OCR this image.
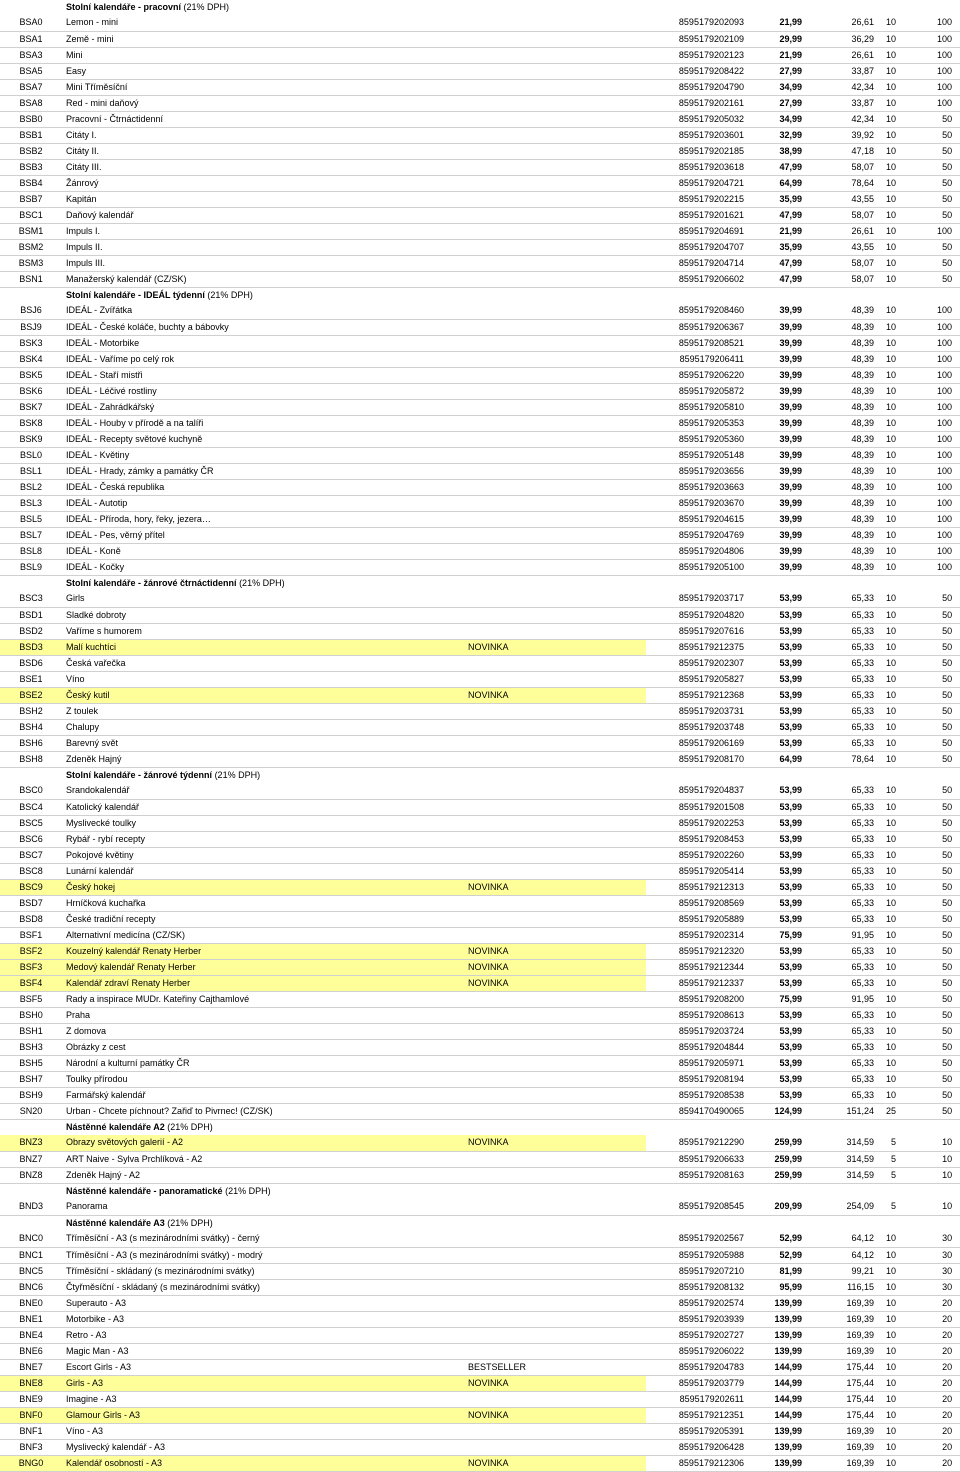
	Stolní kalendáře - pracovní (21% DPH)						
BSA0	Lemon - mini		8595179202093	21,99	26,61	10	100
BSA1	Země - mini		8595179202109	29,99	36,29	10	100
BSA3	Mini		8595179202123	21,99	26,61	10	100
BSA5	Easy		8595179208422	27,99	33,87	10	100
BSA7	Mini Tříměsíční		8595179204790	34,99	42,34	10	100
BSA8	Red - mini daňový		8595179202161	27,99	33,87	10	100
BSB0	Pracovní - Čtrnáctidenní		8595179205032	34,99	42,34	10	50
BSB1	Citáty I.		8595179203601	32,99	39,92	10	50
BSB2	Citáty II.		8595179202185	38,99	47,18	10	50
BSB3	Citáty III.		8595179203618	47,99	58,07	10	50
BSB4	Žánrový		8595179204721	64,99	78,64	10	50
BSB7	Kapitán		8595179202215	35,99	43,55	10	50
BSC1	Daňový kalendář		8595179201621	47,99	58,07	10	50
BSM1	Impuls I.		8595179204691	21,99	26,61	10	100
BSM2	Impuls II.		8595179204707	35,99	43,55	10	50
BSM3	Impuls III.		8595179204714	47,99	58,07	10	50
BSN1	Manažerský kalendář (CZ/SK)		8595179206602	47,99	58,07	10	50
	Stolní kalendáře - IDEÁL týdenní (21% DPH)						
BSJ6	IDEÁL - Zvířátka		8595179208460	39,99	48,39	10	100
BSJ9	IDEÁL - České koláče, buchty a bábovky		8595179206367	39,99	48,39	10	100
BSK3	IDEÁL - Motorbike		8595179208521	39,99	48,39	10	100
BSK4	IDEÁL - Vaříme po celý rok		8595179206411	39,99	48,39	10	100
BSK5	IDEÁL - Staří mistři		8595179206220	39,99	48,39	10	100
BSK6	IDEÁL - Léčivé rostliny		8595179205872	39,99	48,39	10	100
BSK7	IDEÁL - Zahrádkářský		8595179205810	39,99	48,39	10	100
BSK8	IDEÁL - Houby v přírodě a na talíři		8595179205353	39,99	48,39	10	100
BSK9	IDEÁL - Recepty světové kuchyně		8595179205360	39,99	48,39	10	100
BSL0	IDEÁL - Květiny		8595179205148	39,99	48,39	10	100
BSL1	IDEÁL - Hrady, zámky a památky ČR		8595179203656	39,99	48,39	10	100
BSL2	IDEÁL - Česká republika		8595179203663	39,99	48,39	10	100
BSL3	IDEÁL - Autotip		8595179203670	39,99	48,39	10	100
BSL5	IDEÁL - Příroda, hory, řeky, jezera…		8595179204615	39,99	48,39	10	100
BSL7	IDEÁL - Pes, věrný přítel		8595179204769	39,99	48,39	10	100
BSL8	IDEÁL - Koně		8595179204806	39,99	48,39	10	100
BSL9	IDEÁL - Kočky		8595179205100	39,99	48,39	10	100
	Stolní kalendáře - žánrové čtrnáctidenní (21% DPH)						
BSC3	Girls		8595179203717	53,99	65,33	10	50
BSD1	Sladké dobroty		8595179204820	53,99	65,33	10	50
BSD2	Vaříme s humorem		8595179207616	53,99	65,33	10	50
BSD3	Malí kuchtíci	NOVINKA	8595179212375	53,99	65,33	10	50
BSD6	Česká vařečka		8595179202307	53,99	65,33	10	50
BSE1	Víno		8595179205827	53,99	65,33	10	50
BSE2	Český kutil	NOVINKA	8595179212368	53,99	65,33	10	50
BSH2	Z toulek		8595179203731	53,99	65,33	10	50
BSH4	Chalupy		8595179203748	53,99	65,33	10	50
BSH6	Barevný svět		8595179206169	53,99	65,33	10	50
BSH8	Zdeněk Hajný		8595179208170	64,99	78,64	10	50
	Stolní kalendáře - žánrové týdenní (21% DPH)						
BSC0	Srandokalendář		8595179204837	53,99	65,33	10	50
BSC4	Katolický kalendář		8595179201508	53,99	65,33	10	50
BSC5	Myslivecké toulky		8595179202253	53,99	65,33	10	50
BSC6	Rybář - rybí recepty		8595179208453	53,99	65,33	10	50
BSC7	Pokojové květiny		8595179202260	53,99	65,33	10	50
BSC8	Lunární kalendář		8595179205414	53,99	65,33	10	50
BSC9	Český hokej	NOVINKA	8595179212313	53,99	65,33	10	50
BSD7	Hrníčková kuchařka		8595179208569	53,99	65,33	10	50
BSD8	České tradiční recepty		8595179205889	53,99	65,33	10	50
BSF1	Alternativní medicína (CZ/SK)		8595179202314	75,99	91,95	10	50
BSF2	Kouzelný kalendář Renaty Herber	NOVINKA	8595179212320	53,99	65,33	10	50
BSF3	Medový kalendář Renaty Herber	NOVINKA	8595179212344	53,99	65,33	10	50
BSF4	Kalendář zdraví Renaty Herber	NOVINKA	8595179212337	53,99	65,33	10	50
BSF5	Rady a inspirace MUDr. Kateřiny Cajthamlové		8595179208200	75,99	91,95	10	50
BSH0	Praha		8595179208613	53,99	65,33	10	50
BSH1	Z domova		8595179203724	53,99	65,33	10	50
BSH3	Obrázky z cest		8595179204844	53,99	65,33	10	50
BSH5	Národní a kulturní památky ČR		8595179205971	53,99	65,33	10	50
BSH7	Toulky přírodou		8595179208194	53,99	65,33	10	50
BSH9	Farmářský kalendář		8595179208538	53,99	65,33	10	50
SN20	Urban - Chcete píchnout? Zařiď to Pivrnec! (CZ/SK)		8594170490065	124,99	151,24	25	50
	Nástěnné kalendáře A2 (21% DPH)						
BNZ3	Obrazy světových galerií - A2	NOVINKA	8595179212290	259,99	314,59	5	10
BNZ7	ART Naive - Sylva Prchlíková - A2		8595179206633	259,99	314,59	5	10
BNZ8	Zdeněk Hajný - A2		8595179208163	259,99	314,59	5	10
	Nástěnné kalendáře - panoramatické (21% DPH)						
BND3	Panorama		8595179208545	209,99	254,09	5	10
	Nástěnné kalendáře A3 (21% DPH)						
BNC0	Tříměsíční - A3 (s mezinárodními svátky) - černý		8595179202567	52,99	64,12	10	30
BNC1	Tříměsíční - A3 (s mezinárodními svátky) - modrý		8595179205988	52,99	64,12	10	30
BNC5	Tříměsíční - skládaný (s mezinárodními svátky)		8595179207210	81,99	99,21	10	30
BNC6	Čtyřměsíční - skládaný (s mezinárodními svátky)		8595179208132	95,99	116,15	10	30
BNE0	Superauto - A3		8595179202574	139,99	169,39	10	20
BNE1	Motorbike - A3		8595179203939	139,99	169,39	10	20
BNE4	Retro - A3		8595179202727	139,99	169,39	10	20
BNE6	Magic Man - A3		8595179206022	139,99	169,39	10	20
BNE7	Escort Girls - A3	BESTSELLER	8595179204783	144,99	175,44	10	20
BNE8	Girls - A3	NOVINKA	8595179203779	144,99	175,44	10	20
BNE9	Imagine - A3		8595179202611	144,99	175,44	10	20
BNF0	Glamour Girls - A3	NOVINKA	8595179212351	144,99	175,44	10	20
BNF1	Víno - A3		8595179205391	139,99	169,39	10	20
BNF3	Myslivecký kalendář - A3		8595179206428	139,99	169,39	10	20
BNG0	Kalendář osobností - A3	NOVINKA	8595179212306	139,99	169,39	10	20
